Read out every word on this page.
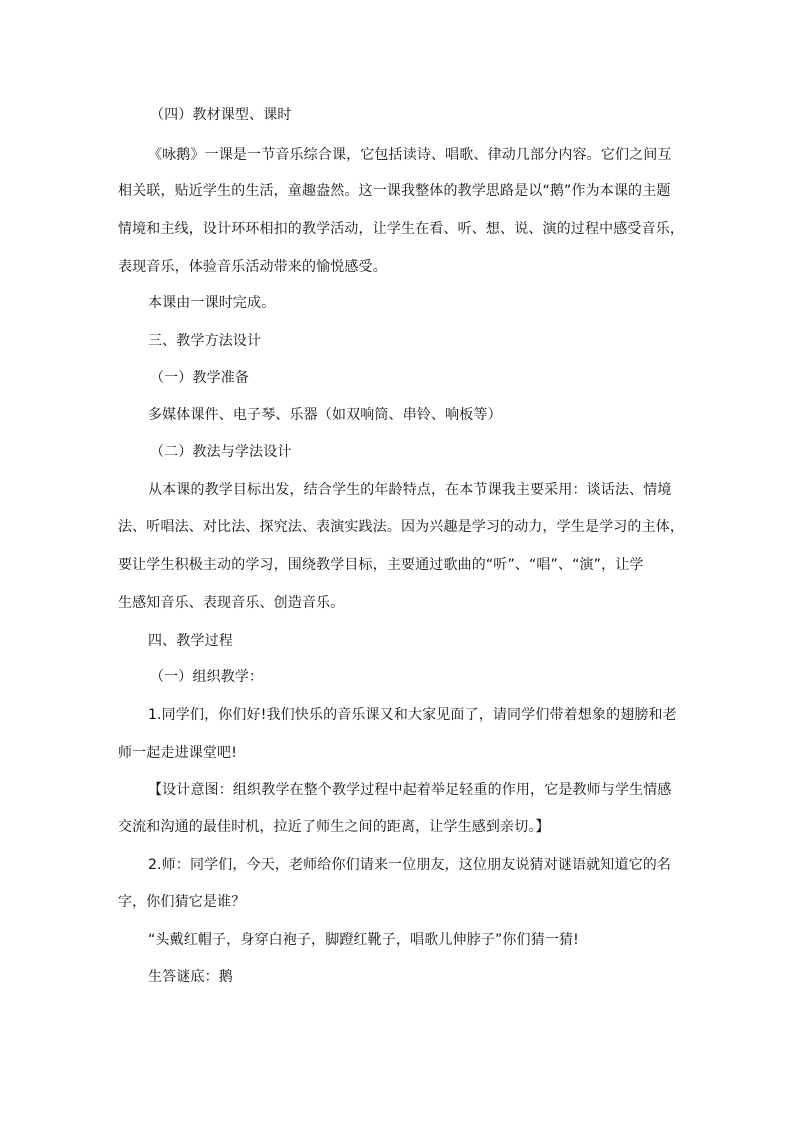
（四）教材课型、课时
《咏鹅》一课是一节音乐综合课，它包括读诗、唱歌、律动几部分内容。它们之间互
相关联，贴近学生的生活，童趣盎然。这一课我整体的教学思路是以“鹅”作为本课的主题
情境和主线，设计环环相扣的教学活动，让学生在看、听、想、说、演的过程中感受音乐，
表现音乐，体验音乐活动带来的愉悦感受。
本课由一课时完成。
三、教学方法设计
（一）教学准备
多媒体课件、电子琴、乐器（如双响筒、串铃、响板等）
（二）教法与学法设计
从本课的教学目标出发，结合学生的年龄特点，在本节课我主要采用：谈话法、情境
法、听唱法、对比法、探究法、表演实践法。因为兴趣是学习的动力，学生是学习的主体，
要让学生积极主动的学习，围绕教学目标，主要通过歌曲的“听”、“唱”、“演”，让学
生感知音乐、表现音乐、创造音乐。
四、教学过程
（一）组织教学：
1.同学们，你们好!我们快乐的音乐课又和大家见面了，请同学们带着想象的翅膀和老
师一起走进课堂吧!
【设计意图：组织教学在整个教学过程中起着举足轻重的作用，它是教师与学生情感
交流和沟通的最佳时机，拉近了师生之间的距离，让学生感到亲切。】
2.师：同学们，今天，老师给你们请来一位朋友，这位朋友说猜对谜语就知道它的名
字，你们猜它是谁？
“头戴红帽子，身穿白袍子，脚蹬红靴子，唱歌儿伸脖子”你们猜一猜!
生答谜底：鹅
